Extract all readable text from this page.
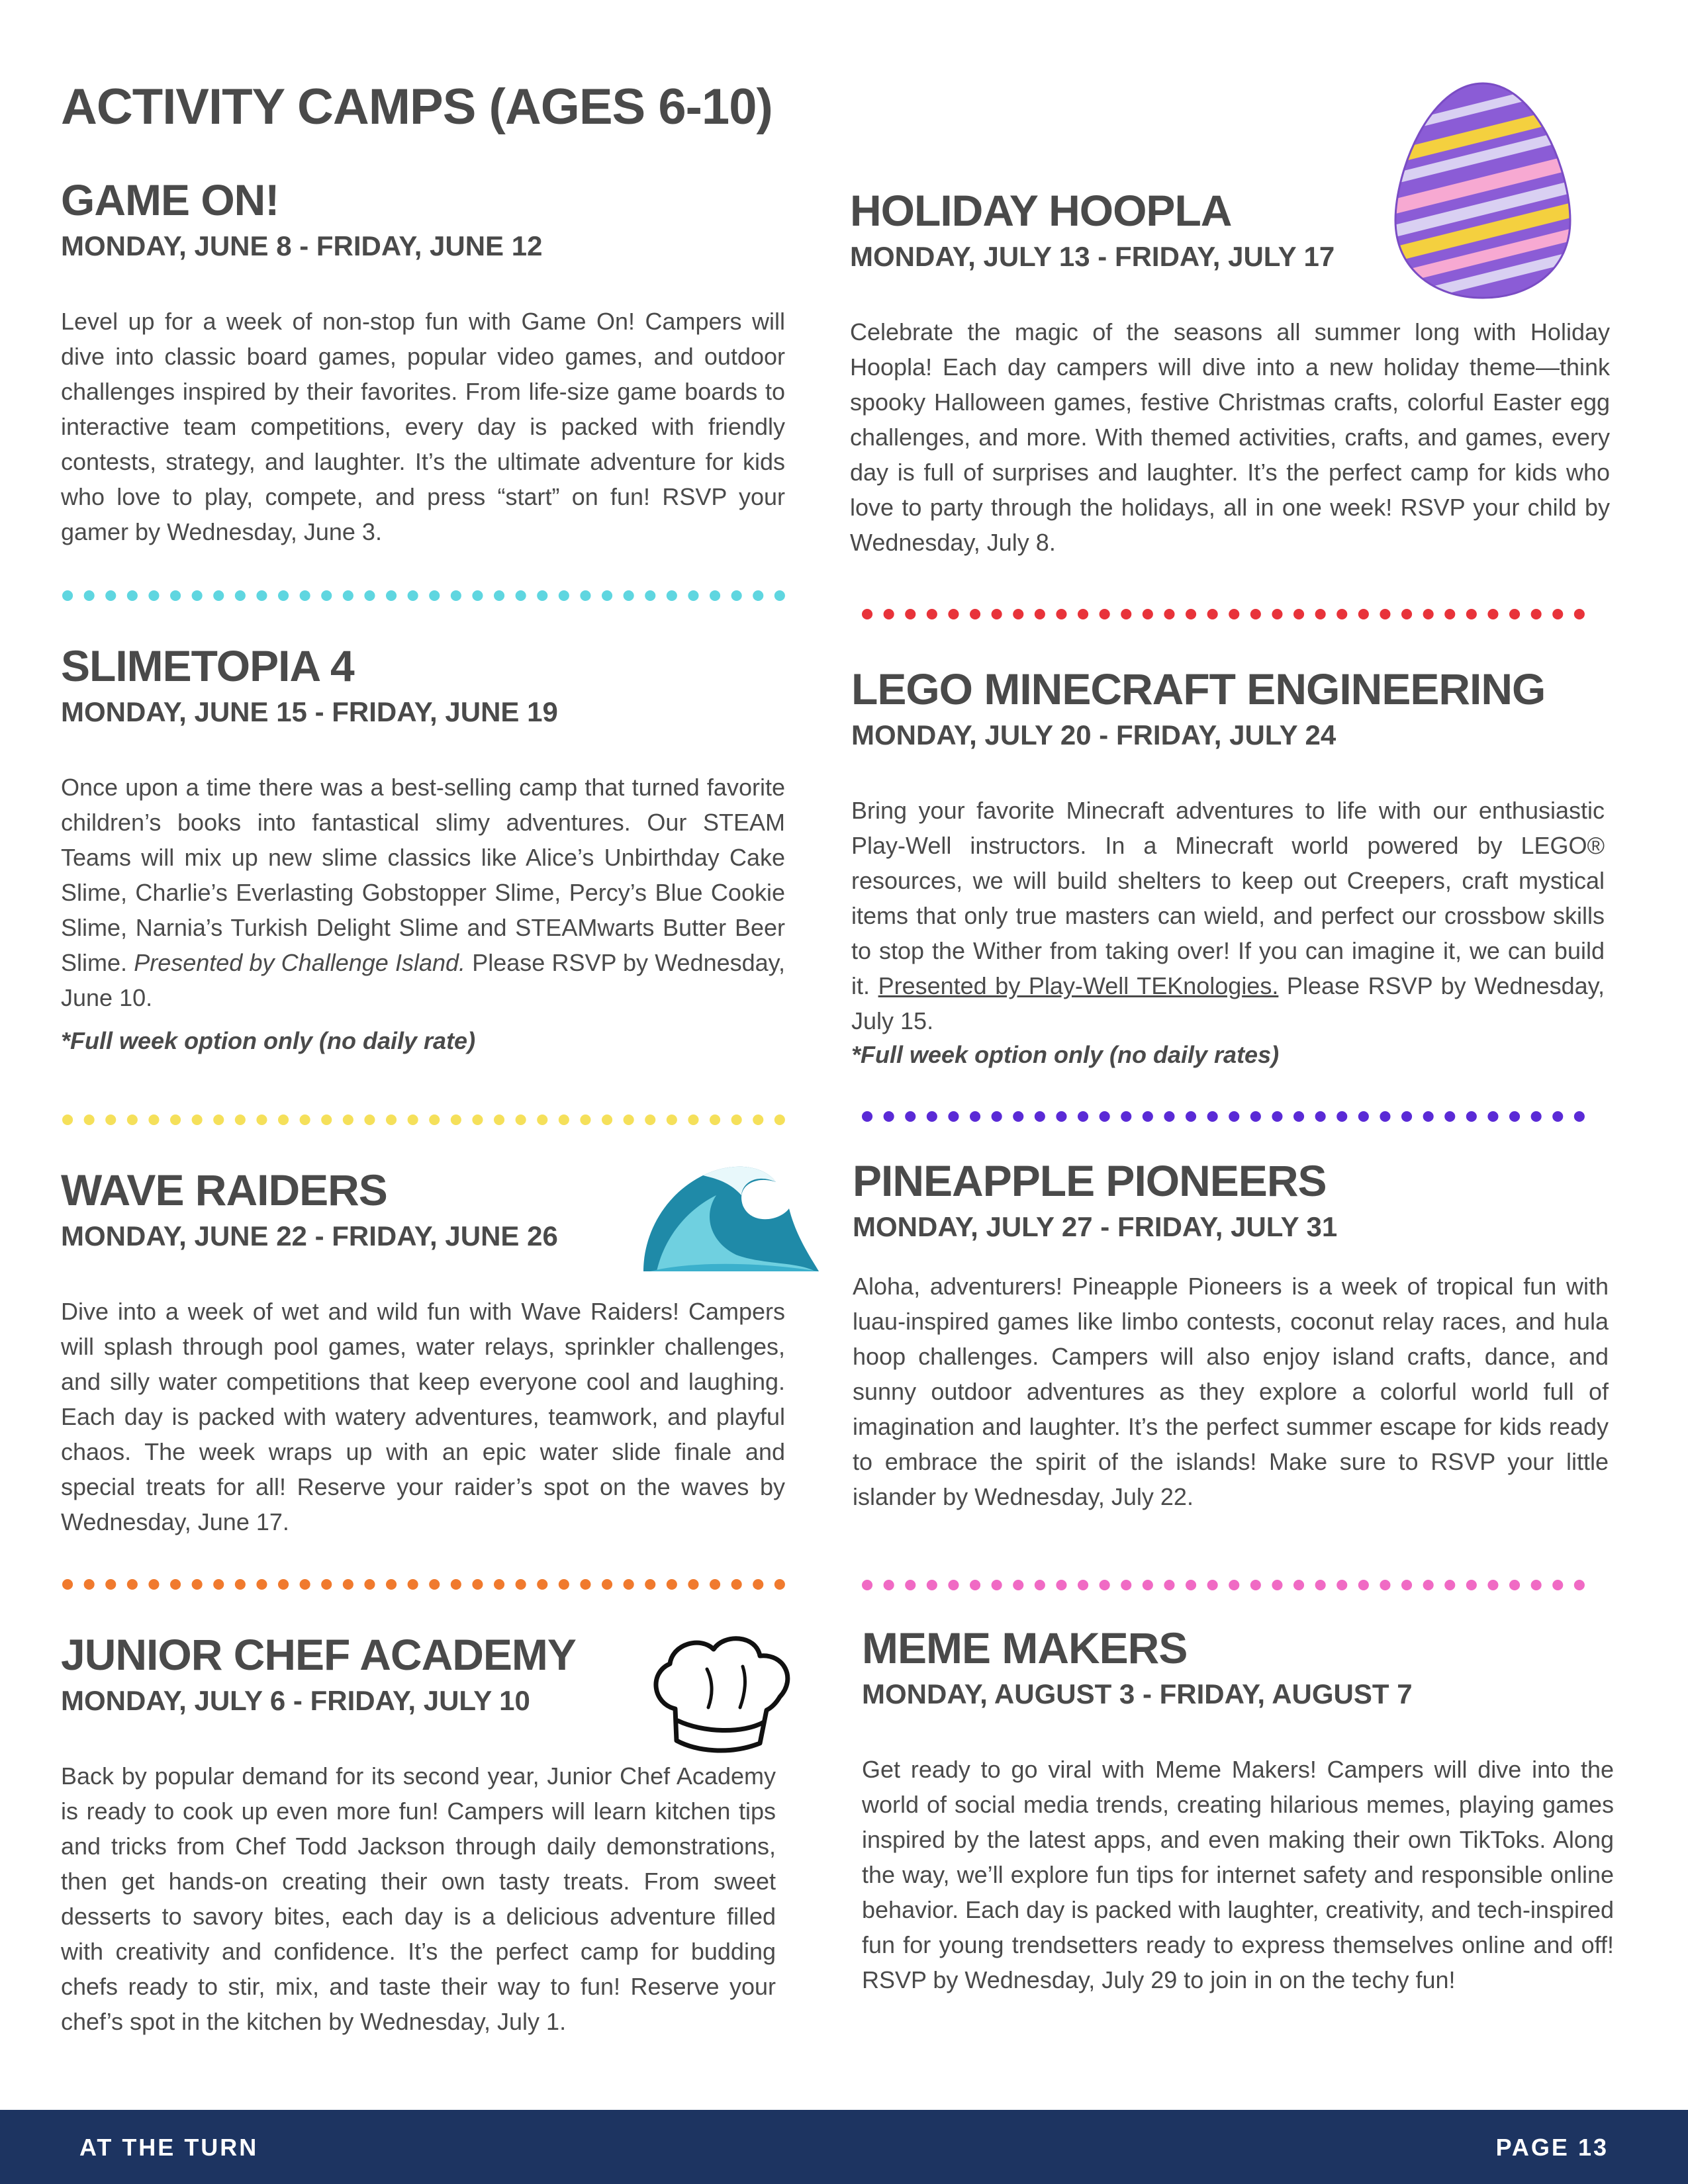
ACTIVITY CAMPS (AGES 6-10)
GAME ON!

MONDAY, JUNE 8 - FRIDAY, JUNE 12

Level up for a week of non-stop fun with Game On! Campers will dive into classic board games, popular video games, and outdoor challenges inspired by their favorites. From life-size game boards to interactive team competitions, every day is packed with friendly contests, strategy, and laughter. It’s the ultimate adventure for kids who love to play, compete, and press “start” on fun! RSVP your gamer by Wednesday, June 3.

SLIMETOPIA 4

MONDAY, JUNE 15 - FRIDAY, JUNE 19

Once upon a time there was a best-selling camp that turned favorite children’s books into fantastical slimy adventures. Our STEAM Teams will mix up new slime classics like Alice’s Unbirthday Cake Slime, Charlie’s Everlasting Gobstopper Slime, Percy’s Blue Cookie Slime, Narnia’s Turkish Delight Slime and STEAMwarts Butter Beer Slime. Presented by Challenge Island. Please RSVP by Wednesday, June 10.

*Full week option only (no daily rate)

WAVE RAIDERS

MONDAY, JUNE 22 - FRIDAY, JUNE 26

Dive into a week of wet and wild fun with Wave Raiders! Campers will splash through pool games, water relays, sprinkler challenges, and silly water competitions that keep everyone cool and laughing. Each day is packed with watery adventures, teamwork, and playful chaos. The week wraps up with an epic water slide finale and special treats for all! Reserve your raider’s spot on the waves by Wednesday, June 17.

JUNIOR CHEF ACADEMY

MONDAY, JULY 6 - FRIDAY, JULY 10

Back by popular demand for its second year, Junior Chef Academy is ready to cook up even more fun! Campers will learn kitchen tips and tricks from Chef Todd Jackson through daily demonstrations, then get hands-on creating their own tasty treats. From sweet desserts to savory bites, each day is a delicious adventure filled with creativity and confidence. It’s the perfect camp for budding chefs ready to stir, mix, and taste their way to fun! Reserve your chef’s spot in the kitchen by Wednesday, July 1.

HOLIDAY HOOPLA

MONDAY, JULY 13 - FRIDAY, JULY 17

Celebrate the magic of the seasons all summer long with Holiday Hoopla! Each day campers will dive into a new holiday theme—think spooky Halloween games, festive Christmas crafts, colorful Easter egg challenges, and more. With themed activities, crafts, and games, every day is full of surprises and laughter. It’s the perfect camp for kids who love to party through the holidays, all in one week! RSVP your child by Wednesday, July 8.

LEGO MINECRAFT ENGINEERING

MONDAY, JULY 20 - FRIDAY, JULY 24

Bring your favorite Minecraft adventures to life with our enthusiastic Play-Well instructors. In a Minecraft world powered by LEGO® resources, we will build shelters to keep out Creepers, craft mystical items that only true masters can wield, and perfect our crossbow skills to stop the Wither from taking over! If you can imagine it, we can build it. Presented by Play-Well TEKnologies. Please RSVP by Wednesday, July 15.

*Full week option only (no daily rates)

PINEAPPLE PIONEERS

MONDAY, JULY 27 - FRIDAY, JULY 31

Aloha, adventurers! Pineapple Pioneers is a week of tropical fun with luau-inspired games like limbo contests, coconut relay races, and hula hoop challenges. Campers will also enjoy island crafts, dance, and sunny outdoor adventures as they explore a colorful world full of imagination and laughter. It’s the perfect summer escape for kids ready to embrace the spirit of the islands! Make sure to RSVP your little islander by Wednesday, July 22.

MEME MAKERS

MONDAY, AUGUST 3 - FRIDAY, AUGUST 7

Get ready to go viral with Meme Makers! Campers will dive into the world of social media trends, creating hilarious memes, playing games inspired by the latest apps, and even making their own TikToks. Along the way, we’ll explore fun tips for internet safety and responsible online behavior. Each day is packed with laughter, creativity, and tech-inspired fun for young trendsetters ready to express themselves online and off! RSVP by Wednesday, July 29 to join in on the techy fun!

AT THE TURN	PAGE 13
